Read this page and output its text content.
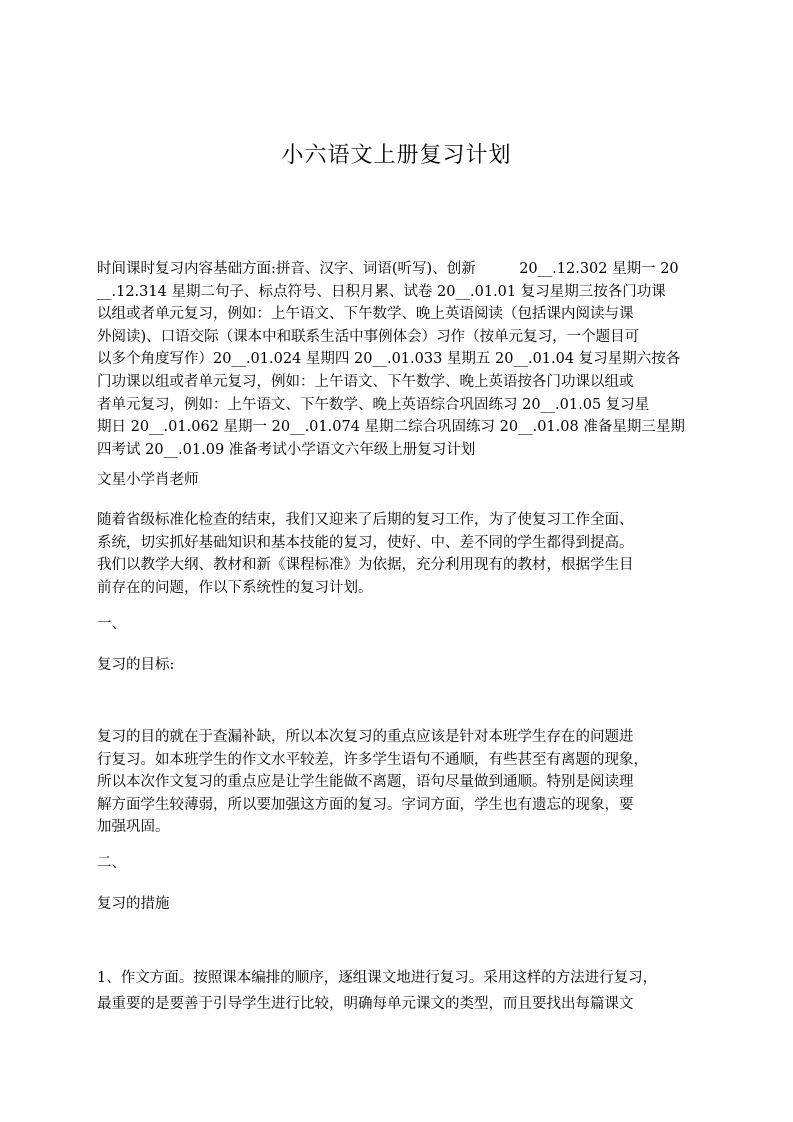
小六语文上册复习计划
时间课时复习内容基础方面:拼音、汉字、词语(听写)、创新　　　20__.12.302 星期一 20
__.12.314 星期二句子、标点符号、日积月累、试卷 20__.01.01 复习星期三按各门功课
以组或者单元复习，例如：上午语文、下午数学、晚上英语阅读（包括课内阅读与课
外阅读)、口语交际（课本中和联系生活中事例体会）习作（按单元复习，一个题目可
以多个角度写作）20__.01.024 星期四 20__.01.033 星期五 20__.01.04 复习星期六按各
门功课以组或者单元复习，例如：上午语文、下午数学、晚上英语按各门功课以组或
者单元复习，例如：上午语文、下午数学、晚上英语综合巩固练习 20__.01.05 复习星
期日 20__.01.062 星期一 20__.01.074 星期二综合巩固练习 20__.01.08 准备星期三星期
四考试 20__.01.09 准备考试小学语文六年级上册复习计划
文星小学肖老师
随着省级标准化检查的结束，我们又迎来了后期的复习工作，为了使复习工作全面、
系统，切实抓好基础知识和基本技能的复习，使好、中、差不同的学生都得到提高。
我们以教学大纲、教材和新《课程标准》为依据，充分利用现有的教材，根据学生目
前存在的问题，作以下系统性的复习计划。
一、
复习的目标:
复习的目的就在于查漏补缺，所以本次复习的重点应该是针对本班学生存在的问题进
行复习。如本班学生的作文水平较差，许多学生语句不通顺，有些甚至有离题的现象，
所以本次作文复习的重点应是让学生能做不离题，语句尽量做到通顺。特别是阅读理
解方面学生较薄弱，所以要加强这方面的复习。字词方面，学生也有遗忘的现象，要
加强巩固。
二、
复习的措施
1、作文方面。按照课本编排的顺序，逐组课文地进行复习。采用这样的方法进行复习，
最重要的是要善于引导学生进行比较，明确每单元课文的类型，而且要找出每篇课文
